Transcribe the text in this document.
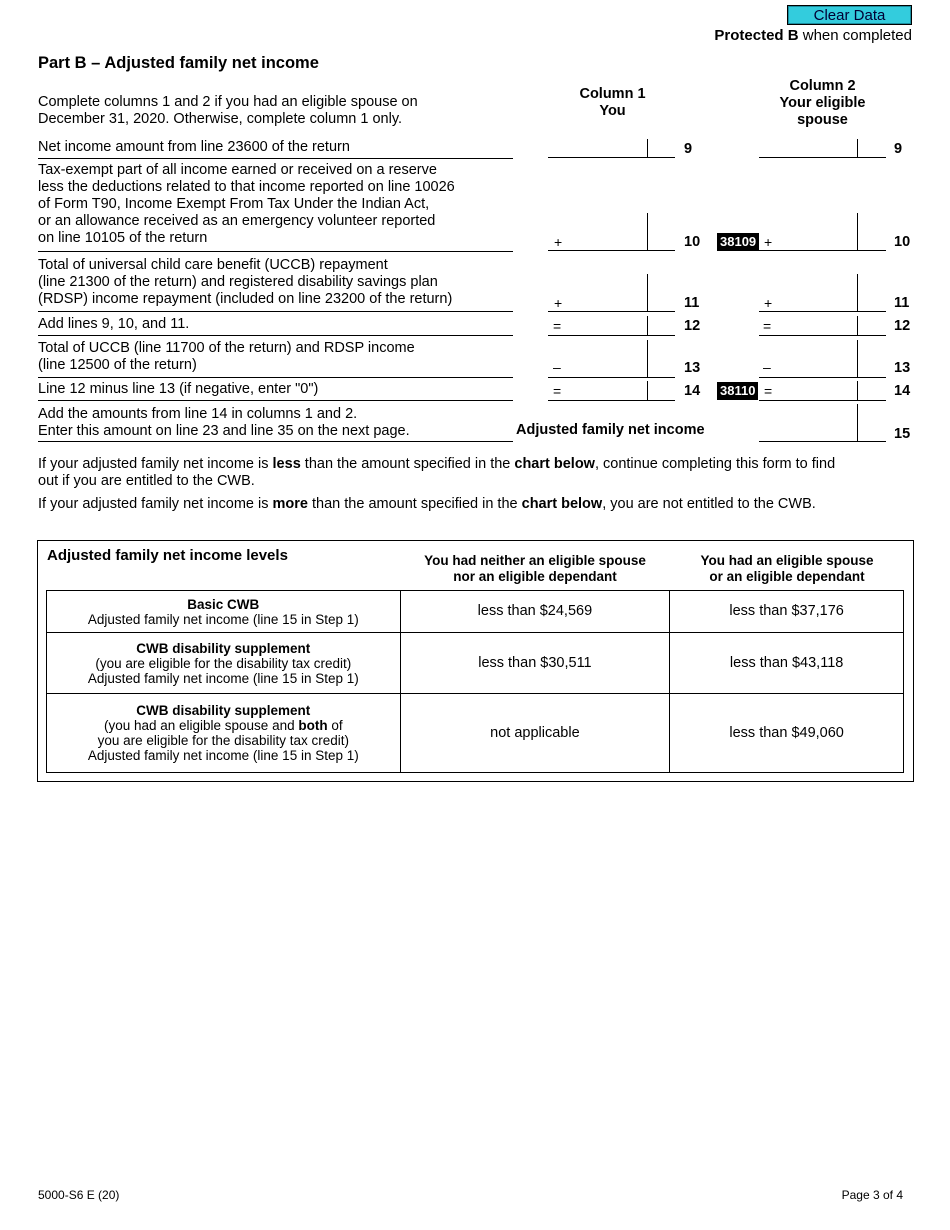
Clear Data
Protected B when completed
Part B – Adjusted family net income
Complete columns 1 and 2 if you had an eligible spouse on
December 31, 2020. Otherwise, complete column 1 only.
Column 1
You
Column 2
Your eligible
spouse
Net income amount from line 23600 of the return	9	9
Tax-exempt part of all income earned or received on a reserve
less the deductions related to that income reported on line 10026
of Form T90, Income Exempt From Tax Under the Indian Act,
or an allowance received as an emergency volunteer reported
on line 10105 of the return	+	10 38109 +	10
Total of universal child care benefit (UCCB) repayment
(line 21300 of the return) and registered disability savings plan
(RDSP) income repayment (included on line 23200 of the return)	+	11	+	11
Add lines 9, 10, and 11.	=	12	=	12
Total of UCCB (line 11700 of the return) and RDSP income
(line 12500 of the return)	–	13	–	13
Line 12 minus line 13 (if negative, enter "0")	=	14 38110 =	14
Add the amounts from line 14 in columns 1 and 2.
Enter this amount on line 23 and line 35 on the next page.	Adjusted family net income	15
If your adjusted family net income is less than the amount specified in the chart below, continue completing this form to find
out if you are entitled to the CWB.
If your adjusted family net income is more than the amount specified in the chart below, you are not entitled to the CWB.
Adjusted family net income levels	You had neither an eligible spouse
nor an eligible dependant
You had an eligible spouse
or an eligible dependant
Basic CWB
Adjusted family net income (line 15 in Step 1)	less than $24,569	less than $37,176

CWB disability supplement
(you are eligible for the disability tax credit)
Adjusted family net income (line 15 in Step 1)	less than $30,511	less than $43,118

CWB disability supplement
(you had an eligible spouse and both of
you are eligible for the disability tax credit)
Adjusted family net income (line 15 in Step 1)	not applicable	less than $49,060
5000-S6 E (20)	Page 3 of 4
